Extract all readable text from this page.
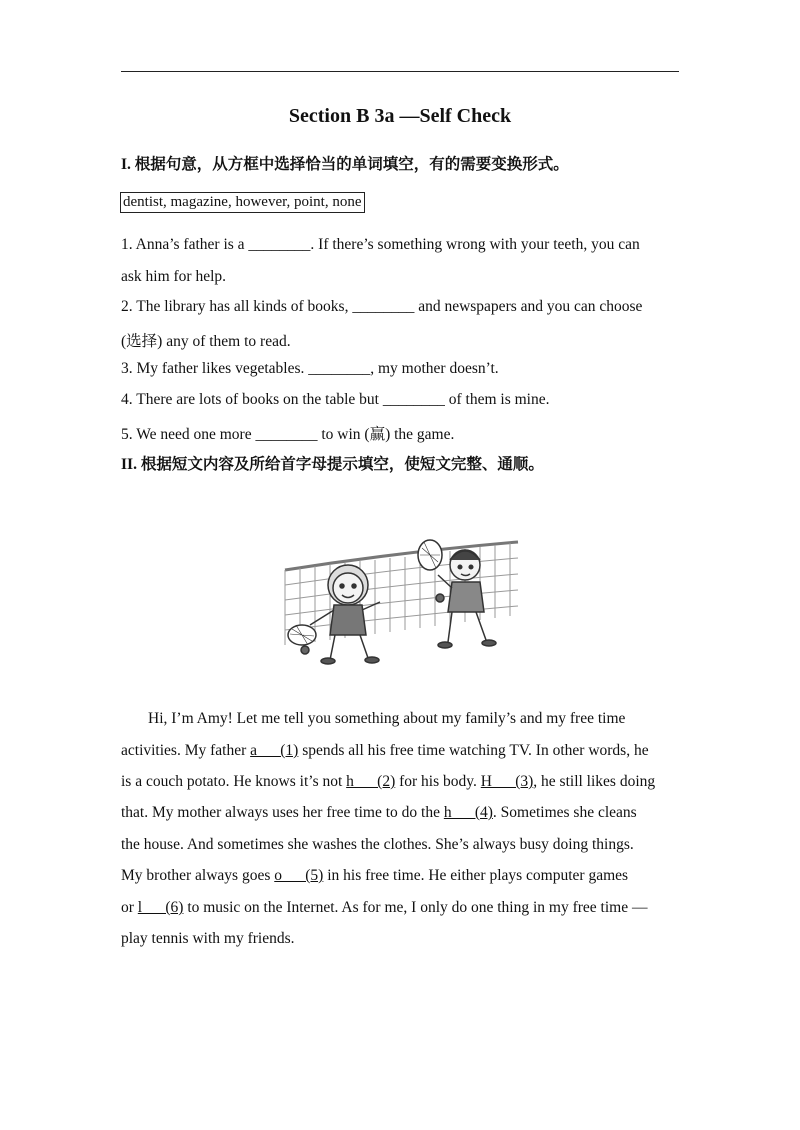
Section B 3a —Self Check
I. 根据句意，从方框中选择恰当的单词填空，有的需要变换形式。
dentist, magazine, however, point, none
1. Anna’s father is a ________. If there’s something wrong with your teeth, you can
ask him for help.
2. The library has all kinds of books, ________ and newspapers and you can choose
(选择) any of them to read.
3. My father likes vegetables. ________, my mother doesn’t.
4. There are lots of books on the table but ________ of them is mine.
5. We need one more ________ to win (赢) the game.
II. 根据短文内容及所给首字母提示填空，使短文完整、通顺。
Hi, I’m Amy! Let me tell you something about my family’s and my free time
activities. My father a___(1) spends all his free time watching TV. In other words, he
is a couch potato. He knows it’s not h___(2) for his body. H___(3), he still likes doing
that. My mother always uses her free time to do the h___(4). Sometimes she cleans
the house. And sometimes she washes the clothes. She’s always busy doing things.
My brother always goes o___(5) in his free time. He either plays computer games
or l___(6) to music on the Internet. As for me, I only do one thing in my free time —
play tennis with my friends.
